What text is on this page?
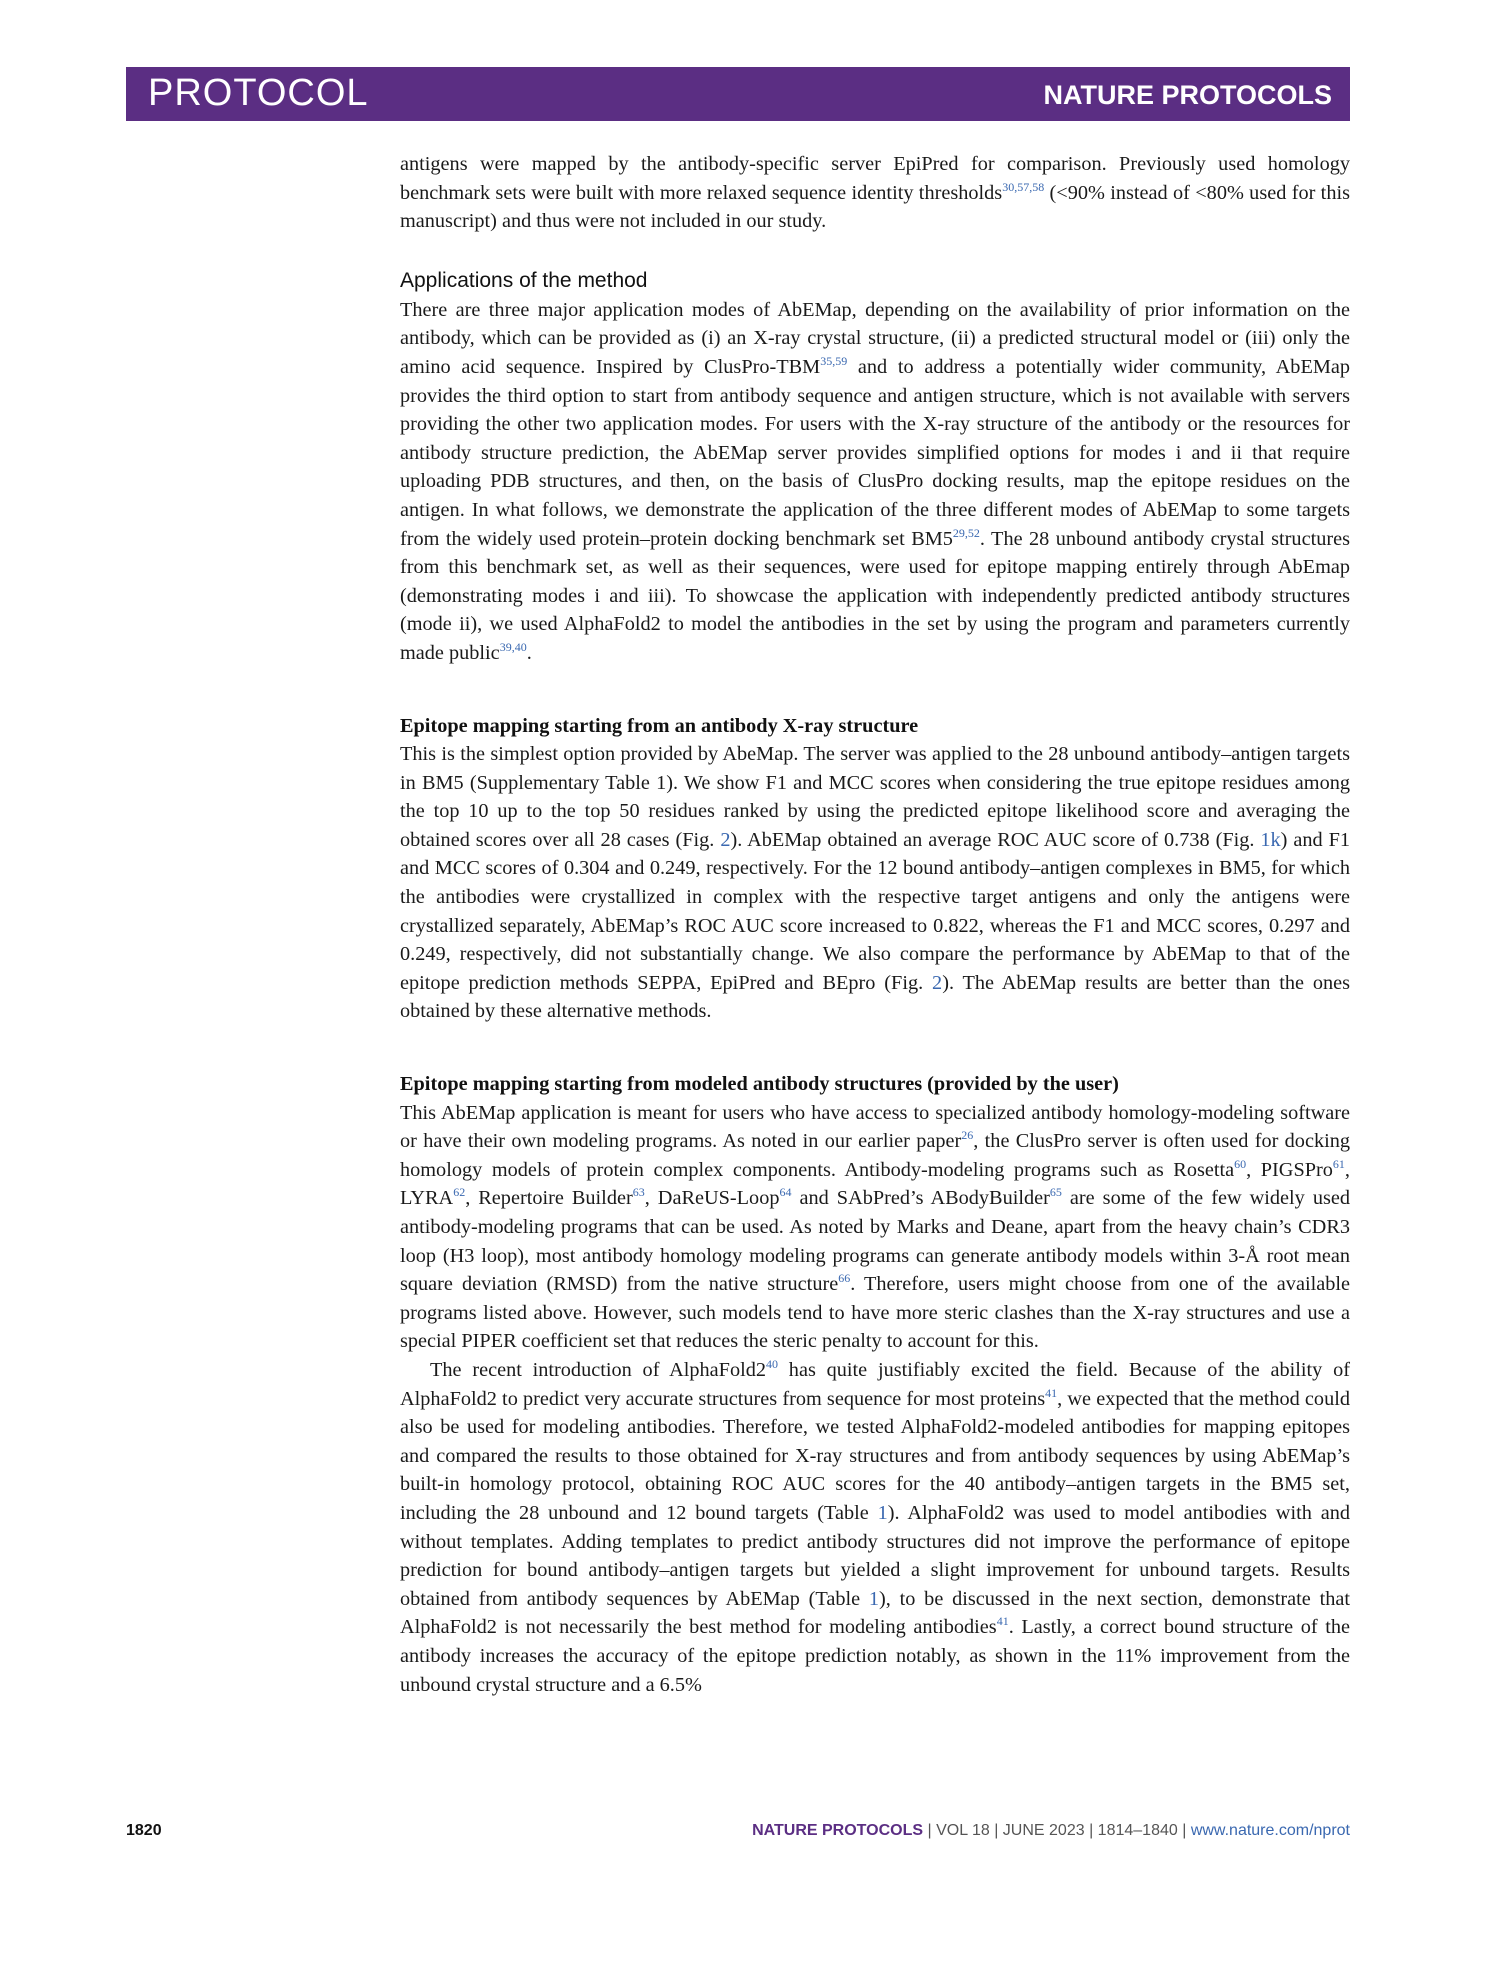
PROTOCOL	NATURE PROTOCOLS

antigens were mapped by the antibody-specific server EpiPred for comparison. Previously used homology benchmark sets were built with more relaxed sequence identity thresholds$^{30,57,58}$ (<90% instead of <80% used for this manuscript) and thus were not included in our study.

Applications of the method

There are three major application modes of AbEMap, depending on the availability of prior information on the antibody, which can be provided as (i) an X-ray crystal structure, (ii) a predicted structural model or (iii) only the amino acid sequence. Inspired by ClusPro-TBM$^{35,59}$ and to address a potentially wider community, AbEMap provides the third option to start from antibody sequence and antigen structure, which is not available with servers providing the other two application modes. For users with the X-ray structure of the antibody or the resources for antibody structure prediction, the AbEMap server provides simplified options for modes i and ii that require uploading PDB structures, and then, on the basis of ClusPro docking results, map the epitope residues on the antigen. In what follows, we demonstrate the application of the three different modes of AbEMap to some targets from the widely used protein–protein docking benchmark set BM5$^{29,52}$. The 28 unbound antibody crystal structures from this benchmark set, as well as their sequences, were used for epitope mapping entirely through AbEmap (demonstrating modes i and iii). To showcase the application with independently predicted antibody structures (mode ii), we used AlphaFold2 to model the antibodies in the set by using the program and parameters currently made public$^{39,40}$.

Epitope mapping starting from an antibody X-ray structure

This is the simplest option provided by AbeMap. The server was applied to the 28 unbound antibody–antigen targets in BM5 (Supplementary Table 1). We show F1 and MCC scores when considering the true epitope residues among the top 10 up to the top 50 residues ranked by using the predicted epitope likelihood score and averaging the obtained scores over all 28 cases (Fig. 2). AbEMap obtained an average ROC AUC score of 0.738 (Fig. 1k) and F1 and MCC scores of 0.304 and 0.249, respectively. For the 12 bound antibody–antigen complexes in BM5, for which the antibodies were crystallized in complex with the respective target antigens and only the antigens were crystallized separately, AbEMap’s ROC AUC score increased to 0.822, whereas the F1 and MCC scores, 0.297 and 0.249, respectively, did not substantially change. We also compare the performance by AbEMap to that of the epitope prediction methods SEPPA, EpiPred and BEpro (Fig. 2). The AbEMap results are better than the ones obtained by these alternative methods.

Epitope mapping starting from modeled antibody structures (provided by the user)

This AbEMap application is meant for users who have access to specialized antibody homology-modeling software or have their own modeling programs. As noted in our earlier paper$^{26}$, the ClusPro server is often used for docking homology models of protein complex components. Antibody-modeling programs such as Rosetta$^{60}$, PIGSPro$^{61}$, LYRA$^{62}$, Repertoire Builder$^{63}$, DaReUS-Loop$^{64}$ and SAbPred’s ABodyBuilder$^{65}$ are some of the few widely used antibody-modeling programs that can be used. As noted by Marks and Deane, apart from the heavy chain’s CDR3 loop (H3 loop), most antibody homology modeling programs can generate antibody models within 3-Å root mean square deviation (RMSD) from the native structure$^{66}$. Therefore, users might choose from one of the available programs listed above. However, such models tend to have more steric clashes than the X-ray structures and use a special PIPER coefficient set that reduces the steric penalty to account for this.

The recent introduction of $AlphaFold2^{40}$ has quite justifiably excited the field. Because of the ability of AlphaFold2 to predict very accurate structures from sequence for most proteins$^{41}$, we expected that the method could also be used for modeling antibodies. Therefore, we tested AlphaFold2-modeled antibodies for mapping epitopes and compared the results to those obtained for X-ray structures and from antibody sequences by using AbEMap’s built-in homology protocol, obtaining ROC AUC scores for the 40 antibody–antigen targets in the BM5 set, including the 28 unbound and 12 bound targets (Table 1). AlphaFold2 was used to model antibodies with and without templates. Adding templates to predict antibody structures did not improve the performance of epitope prediction for bound antibody–antigen targets but yielded a slight improvement for unbound targets. Results obtained from antibody sequences by AbEMap (Table 1), to be discussed in the next section, demonstrate that AlphaFold2 is not necessarily the best method for modeling antibodies$^{41}$. Lastly, a correct bound structure of the antibody increases the accuracy of the epitope prediction notably, as shown in the 11% improvement from the unbound crystal structure and a 6.5%

1820	NATURE PROTOCOLS | VOL 18 | JUNE 2023 | 1814–1840 | www.nature.com/nprot
